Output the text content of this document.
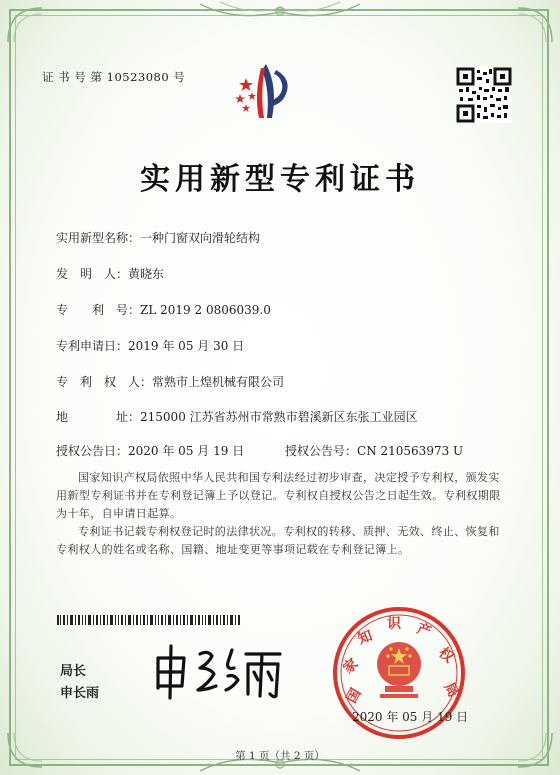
证 书 号 第 10523080 号
实用新型专利证书
实用新型名称：一种门窗双向滑轮结构
发　明　人：黄晓东
专　　利　号：ZL 2019 2 0806039.0
专利申请日：2019 年 05 月 30 日
专　利　权　人：常熟市上煌机械有限公司
地　　　　址：215000 江苏省苏州市常熟市碧溪新区东张工业园区
授权公告日：2020 年 05 月 19 日	授权公告号：CN 210563973 U
国家知识产权局依照中华人民共和国专利法经过初步审查，决定授予专利权，颁发实用新型专利证书并在专利登记簿上予以登记。专利权自授权公告之日起生效。专利权期限为十年，自申请日起算。
专利证书记载专利权登记时的法律状况。专利权的转移、质押、无效、终止、恢复和专利权人的姓名或名称、国籍、地址变更等事项记载在专利登记簿上。
局长
申长雨	国
家
知
识 产
权
局
2020 年 05 月 19 日
第 1 页（共 2 页）
